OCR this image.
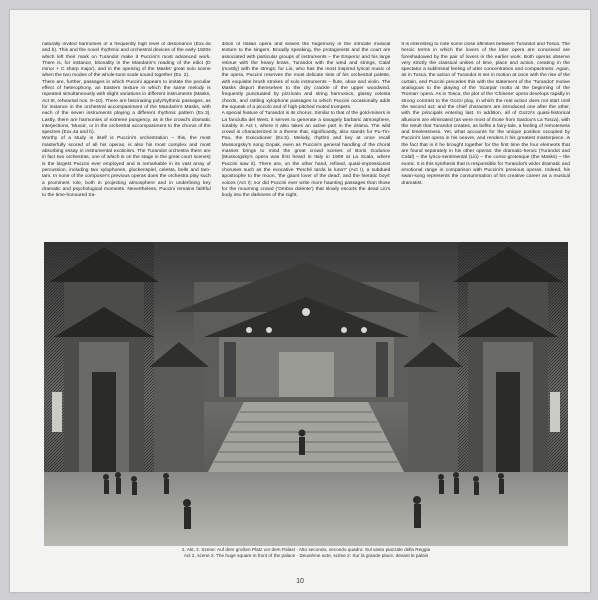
naturally invited harmonies of a frequently high level of dissonance (Exx.4a and b). This and the novel rhythmic and orchestral devices of the early 1920s which left their mark on Turandot make it Puccini's most advanced work. There is, for instance, bitonality in the Mandarin's reading of the edict (D minor + C sharp major), and in the opening of the Masks' great solo scene when the two modes of the whole-tone scale sound together (Ex. 2).

There are, further, passages in which Puccini appears to imitate the peculiar effect of heterophony, an Eastern texture in which the same melody is repeated simultaneously with slight variations in different instruments (Masks, Act III, rehearsal nos. 9–10). There are fascinating polyrhythmic passages, as for instance in the orchestral accompaniment of the Mandarin's Masks, with each of the seven instruments playing a different rhythmic pattern (Ex.3). Lastly, there are harmonies of extreme pungency, as in the crowd's dramatic interjections, 'Muoia', or in the orchestral accompaniment to the chorus of the spectres (Exx.4a and b).

Worthy of a study in itself is Puccini's orchestration – this, the most masterfully scored of all his operas, is also his most complex and most absorbing essay in instrumental exoticism. The Turandot orchestra there are in fact two orchestras, one of which is on the stage in the great court scenes) is the largest Puccini ever employed and is remarkable in its vast array of percussion, including two xylophones, glockenspiel, celesta, bells and tam-tam. In none of the composer's previous operas does the orchestra play such a prominent role, both in projecting atmosphere and in underlining key dramatic and psychological moments. Nevertheless, Puccini remains faithful to the time-honoured tra-

dition of Italian opera and leaves the hegemony in the intricate musical texture to the singers. Broadly speaking, the protagonists and the court are associated with particular groups of instruments – the Emperor and his large retinue with the heavy brass, Turandot with the wind and strings, Calaf (mostly) with the strings; for Liù, who has the most inspired lyrical music of the opera, Puccini reserves the most delicate tints of his orchestral palette, with exquisite brush strokes of solo instruments – flute, oboe and violin. The Masks disport themselves to the dry crackle of the upper woodwind, frequently punctuated by pizzicato and string harmonics, glassy celesta chords, and rattling xylophone passages to which Puccini occasionally adds the squeak of a piccolo and of high-pitched muted trumpets.

A special feature of Turandot is its chorus. Similar to that of the gold-miners in La fanciulla del West, it serves to generate a savagely barbaric atmosphere, notably in Act I, where it also takes an active part in the drama. The wild crowd is characterized in a theme that, significantly, also stands for Pu-Tin-Pao, the Executioner (Ex.5). Melody, rhythm and key at once recall Mussorgsky's song Gopak, even as Puccini's general handling of the choral masses brings to mind the great crowd scenes of Boris Godunov (Mussorgsky's opera was first heard in Italy in 1909 at La Scala, where Puccini saw it). There are, on the other hand, refined, quasi-impressionist choruses such as the evocative 'Perché tarda la luna?' (Act I), a subdued apostrophe to the moon, 'the gaunt lover of the dead', and the hieratic boys' voices (Act I); nor did Puccini ever write more haunting passages than those for the mourning crowd ('Ombra dolente') that slowly escorts the dead Liù's body into the darkness of the night.

It is interesting to note some close affinities between Turandot and Tosca. The heroic terms in which the lovers of the later opera are conceived are foreshadowed by the pair of lovers in the earlier work. Both operas observe very strictly the classical unities of time, place and action, creating in the spectator a subliminal feeling of utter concentration and compactness. Again, as in Tosca, the action of Turandot is set in motion at once with the rise of the curtain, and Puccini precedes this with the statement of the 'Turandot' motive analogous to the playing of the 'Scarpia' motto at the beginning of the 'Roman' opera. As in Tosca, the plot of the 'Chinese' opera develops rapidly in strong contrast to the Gozzi play, in which the real action does not start until the second act; and the chief characters are introduced one after the other, with the principals entering last. In addition, all of Gozzi's quasi-historical allusions are eliminated (as were most of those from Sardou's La Tosca), with the result that Turandot creates, as befits a fairy-tale, a feeling of remoteness and timelessness. Yet, what accounts for the unique position occupied by Puccini's last opera in his oeuvre, and renders it his greatest masterpiece, is the fact that in it he brought together for the first time the four elements that are found separately in his other operas: the dramatic-heroic (Turandot and Calaf) – the lyrico-sentimental (Liù) – the comic-grotesque (the Masks) – the exotic. It is this synthesis that is responsible for Turandot's wider dramatic and emotional range in comparison with Puccini's previous operas. Indeed, his swan-song represents the consummation of his creative career as a musical dramatist.

2. Akt, 2. Szene: Auf dem großen Platz vor dem Palast · Atto secondo, secondo quadro: Sul vasto piazzale della Reggia
Act 2, scene 2: The huge square in front of the palace · Deuxième acte, scène 2: Sur la grande place, devant le palais
10
